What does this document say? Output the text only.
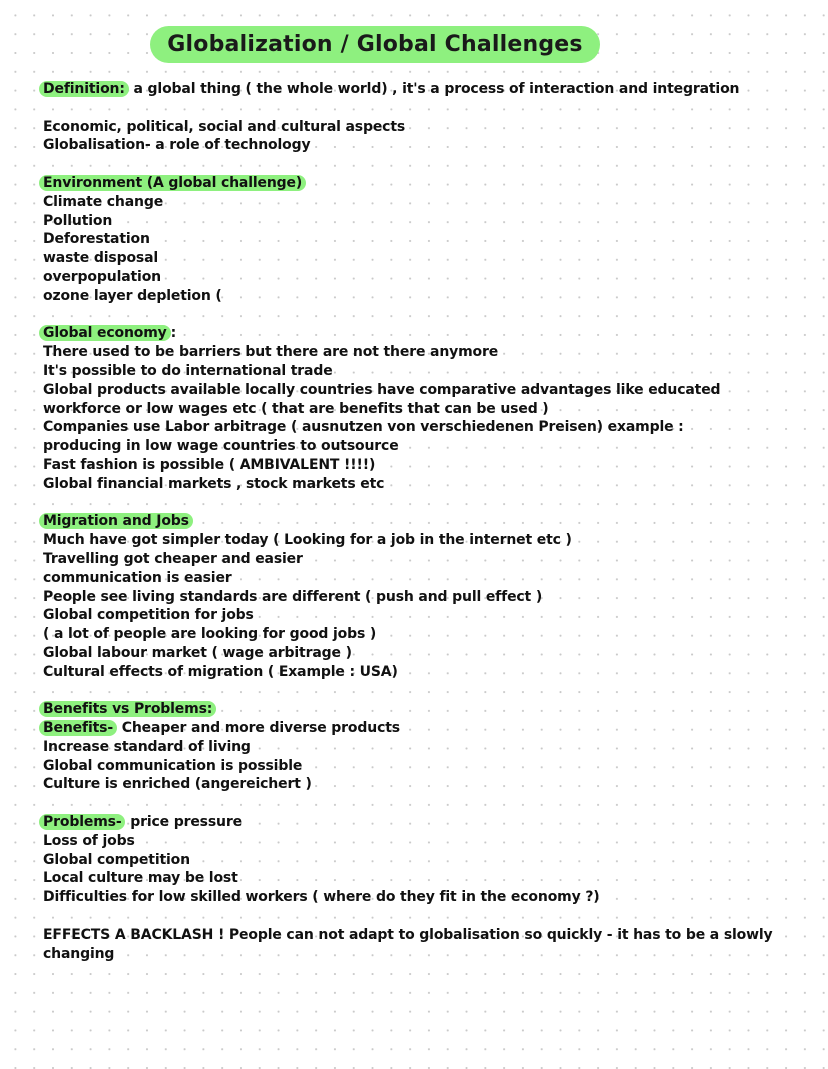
Globalization / Global Challenges
Definition: a global thing ( the whole world) , it's a process of interaction and integration
Economic, political, social and cultural aspects
Globalisation- a role of technology
Environment (A global challenge)
Climate change
Pollution
Deforestation
waste disposal
overpopulation
ozone layer depletion (
Global economy :
There used to be barriers but there are not there anymore
It's possible to do international trade
Global products available locally countries have comparative advantages like educated
workforce or low wages etc ( that are benefits that can be used )
Companies use Labor arbitrage ( ausnutzen von verschiedenen Preisen) example :
producing in low wage countries to outsource
Fast fashion is possible ( AMBIVALENT !!!!)
Global financial markets , stock markets etc
Migration and Jobs
Much have got simpler today ( Looking for a job in the internet etc )
Travelling got cheaper and easier
communication is easier
People see living standards are different ( push and pull effect )
Global competition for jobs
( a lot of people are looking for good jobs )
Global labour market ( wage arbitrage )
Cultural effects of migration ( Example : USA)
Benefits vs Problems:
Benefits- Cheaper and more diverse products
Increase standard of living
Global communication is possible
Culture is enriched (angereichert )
Problems- price pressure
Loss of jobs
Global competition
Local culture may be lost
Difficulties for low skilled workers ( where do they fit in the economy ?)
EFFECTS A BACKLASH ! People can not adapt to globalisation so quickly - it has to be a slowly
changing
